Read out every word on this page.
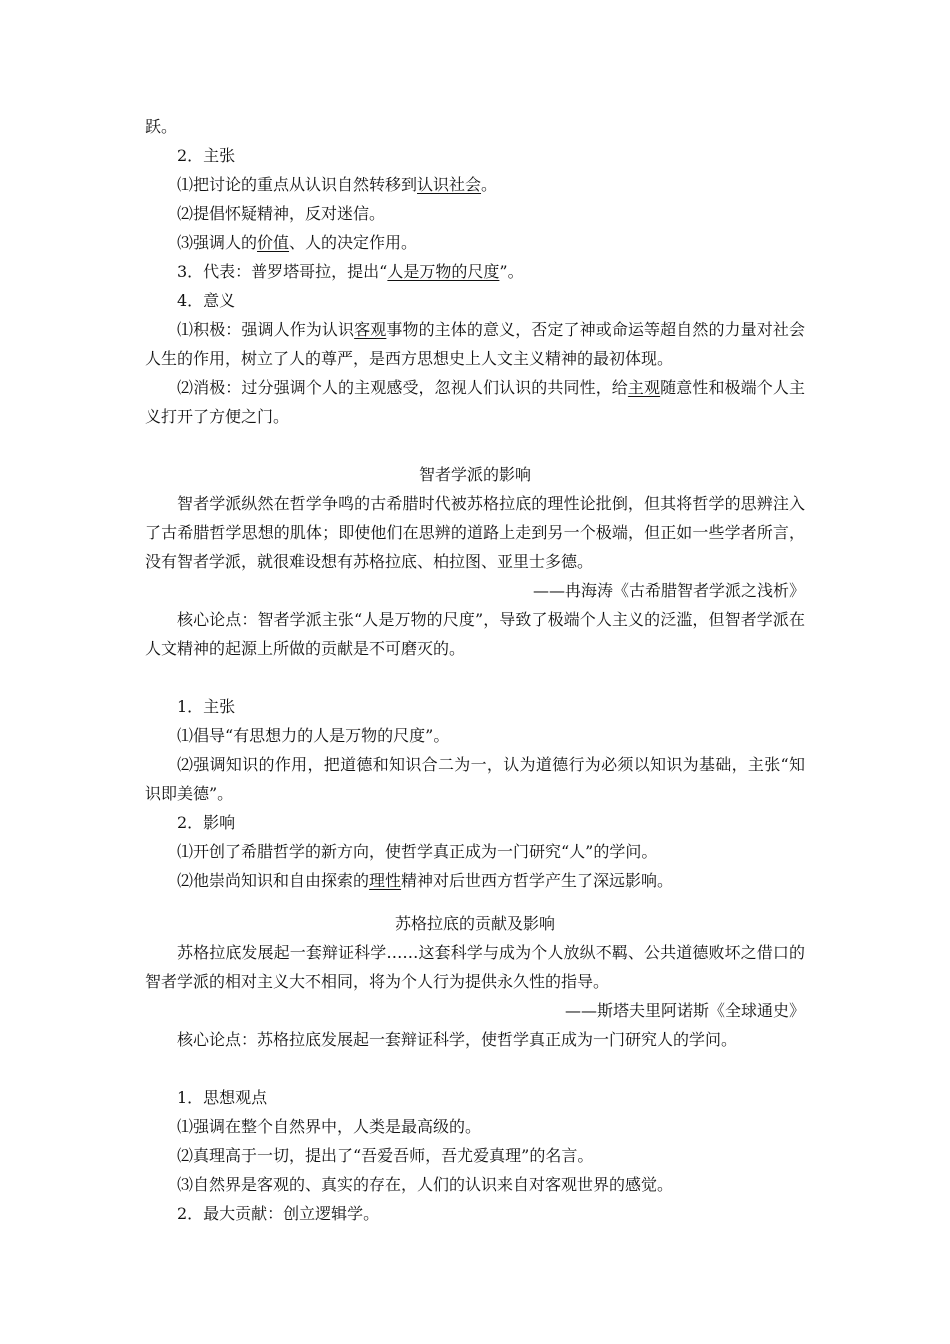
跃。
2．主张
⑴把讨论的重点从认识自然转移到认识社会。
⑵提倡怀疑精神，反对迷信。
⑶强调人的价值、人的决定作用。
3．代表：普罗塔哥拉，提出“人是万物的尺度”。
4．意义
⑴积极：强调人作为认识客观事物的主体的意义，否定了神或命运等超自然的力量对社会人生的作用，树立了人的尊严，是西方思想史上人文主义精神的最初体现。
⑵消极：过分强调个人的主观感受，忽视人们认识的共同性，给主观随意性和极端个人主义打开了方便之门。
智者学派的影响
智者学派纵然在哲学争鸣的古希腊时代被苏格拉底的理性论批倒，但其将哲学的思辨注入了古希腊哲学思想的肌体；即使他们在思辨的道路上走到另一个极端，但正如一些学者所言，没有智者学派，就很难设想有苏格拉底、柏拉图、亚里士多德。
——冉海涛《古希腊智者学派之浅析》
核心论点：智者学派主张“人是万物的尺度”，导致了极端个人主义的泛滥，但智者学派在人文精神的起源上所做的贡献是不可磨灭的。
1．主张
⑴倡导“有思想力的人是万物的尺度”。
⑵强调知识的作用，把道德和知识合二为一，认为道德行为必须以知识为基础，主张“知识即美德”。
2．影响
⑴开创了希腊哲学的新方向，使哲学真正成为一门研究“人”的学问。
⑵他崇尚知识和自由探索的理性精神对后世西方哲学产生了深远影响。
苏格拉底的贡献及影响
苏格拉底发展起一套辩证科学……这套科学与成为个人放纵不羁、公共道德败坏之借口的智者学派的相对主义大不相同，将为个人行为提供永久性的指导。
——斯塔夫里阿诺斯《全球通史》
核心论点：苏格拉底发展起一套辩证科学，使哲学真正成为一门研究人的学问。
1．思想观点
⑴强调在整个自然界中，人类是最高级的。
⑵真理高于一切，提出了“吾爱吾师，吾尤爱真理”的名言。
⑶自然界是客观的、真实的存在，人们的认识来自对客观世界的感觉。
2．最大贡献：创立逻辑学。
